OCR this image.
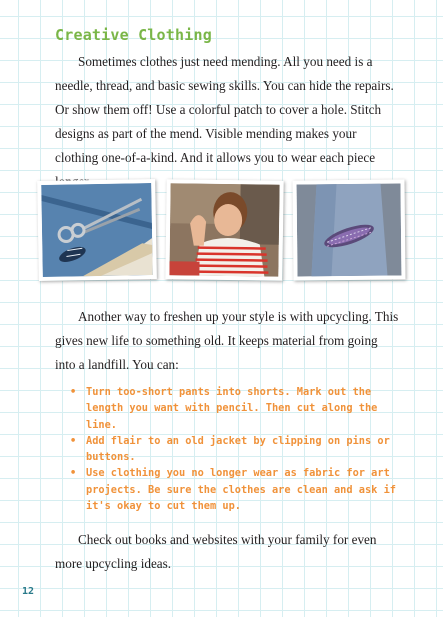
Creative Clothing

Sometimes clothes just need mending. All you need is a needle, thread, and basic sewing skills. You can hide the repairs. Or show them off! Use a colorful patch to cover a hole. Stitch designs as part of the mend. Visible mending makes your clothing one-of-a-kind. And it allows you to wear each piece

Another way to freshen up your style is with upcycling. This gives new life to something old. It keeps material from going into a landfill. You can:

• Turn too-short pants into shorts. Mark out the length you want with pencil. Then cut along the line.
• Add flair to an old jacket by clipping on pins or buttons.
• Use clothing you no longer wear as fabric for art projects. Be sure the clothes are clean and ask if it's okay to cut them up.

Check out books and websites with your family for even more upcycling ideas.

12
